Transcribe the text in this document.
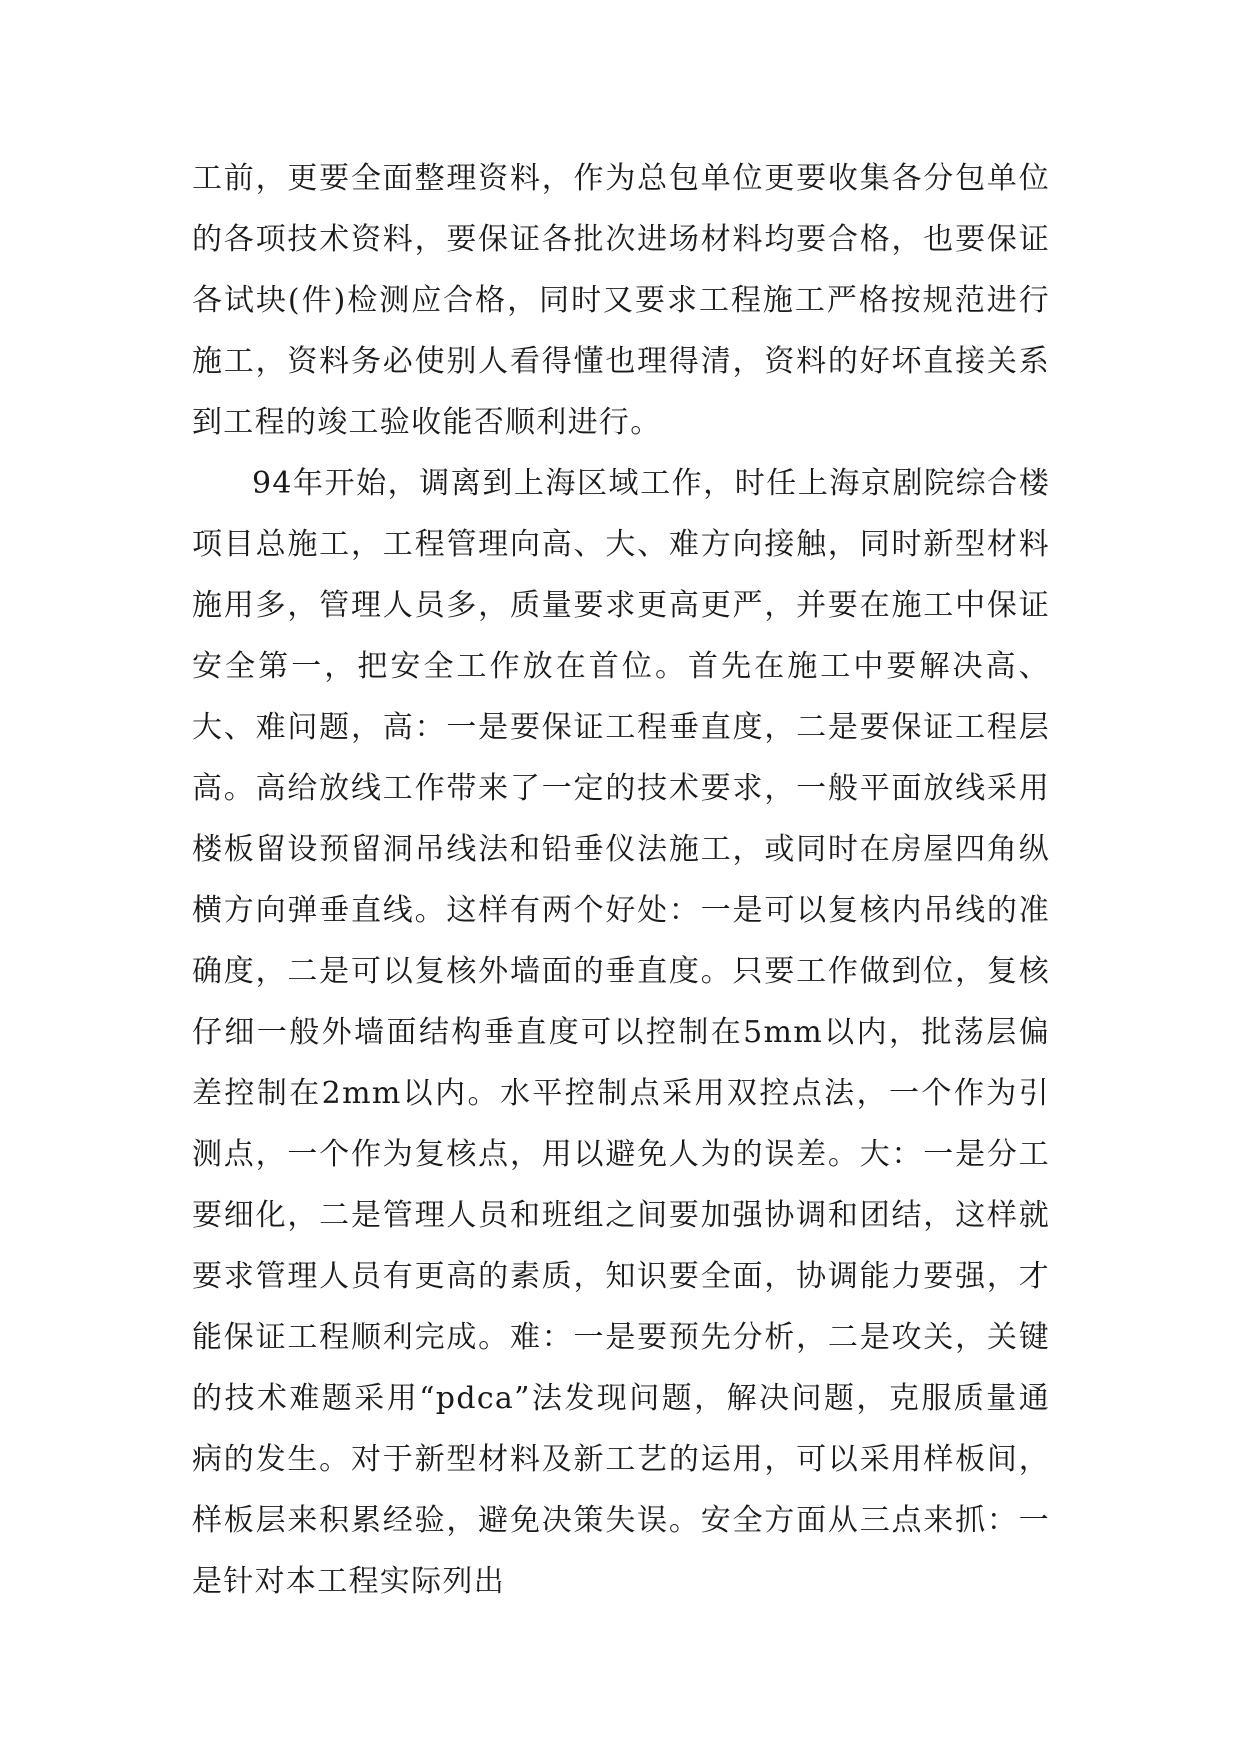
工前，更要全面整理资料，作为总包单位更要收集各分包单位的各项技术资料，要保证各批次进场材料均要合格，也要保证各试块(件)检测应合格，同时又要求工程施工严格按规范进行施工，资料务必使别人看得懂也理得清，资料的好坏直接关系到工程的竣工验收能否顺利进行。

94年开始，调离到上海区域工作，时任上海京剧院综合楼项目总施工，工程管理向高、大、难方向接触，同时新型材料施用多，管理人员多，质量要求更高更严，并要在施工中保证安全第一，把安全工作放在首位。首先在施工中要解决高、大、难问题，高：一是要保证工程垂直度，二是要保证工程层高。高给放线工作带来了一定的技术要求，一般平面放线采用楼板留设预留洞吊线法和铅垂仪法施工，或同时在房屋四角纵横方向弹垂直线。这样有两个好处：一是可以复核内吊线的准确度，二是可以复核外墙面的垂直度。只要工作做到位，复核仔细一般外墙面结构垂直度可以控制在5mm以内，批荡层偏差控制在2mm以内。水平控制点采用双控点法，一个作为引测点，一个作为复核点，用以避免人为的误差。大：一是分工要细化，二是管理人员和班组之间要加强协调和团结，这样就要求管理人员有更高的素质，知识要全面，协调能力要强，才能保证工程顺利完成。难：一是要预先分析，二是攻关，关键的技术难题采用“pdca”法发现问题，解决问题，克服质量通病的发生。对于新型材料及新工艺的运用，可以采用样板间，样板层来积累经验，避免决策失误。安全方面从三点来抓：一是针对本工程实际列出
